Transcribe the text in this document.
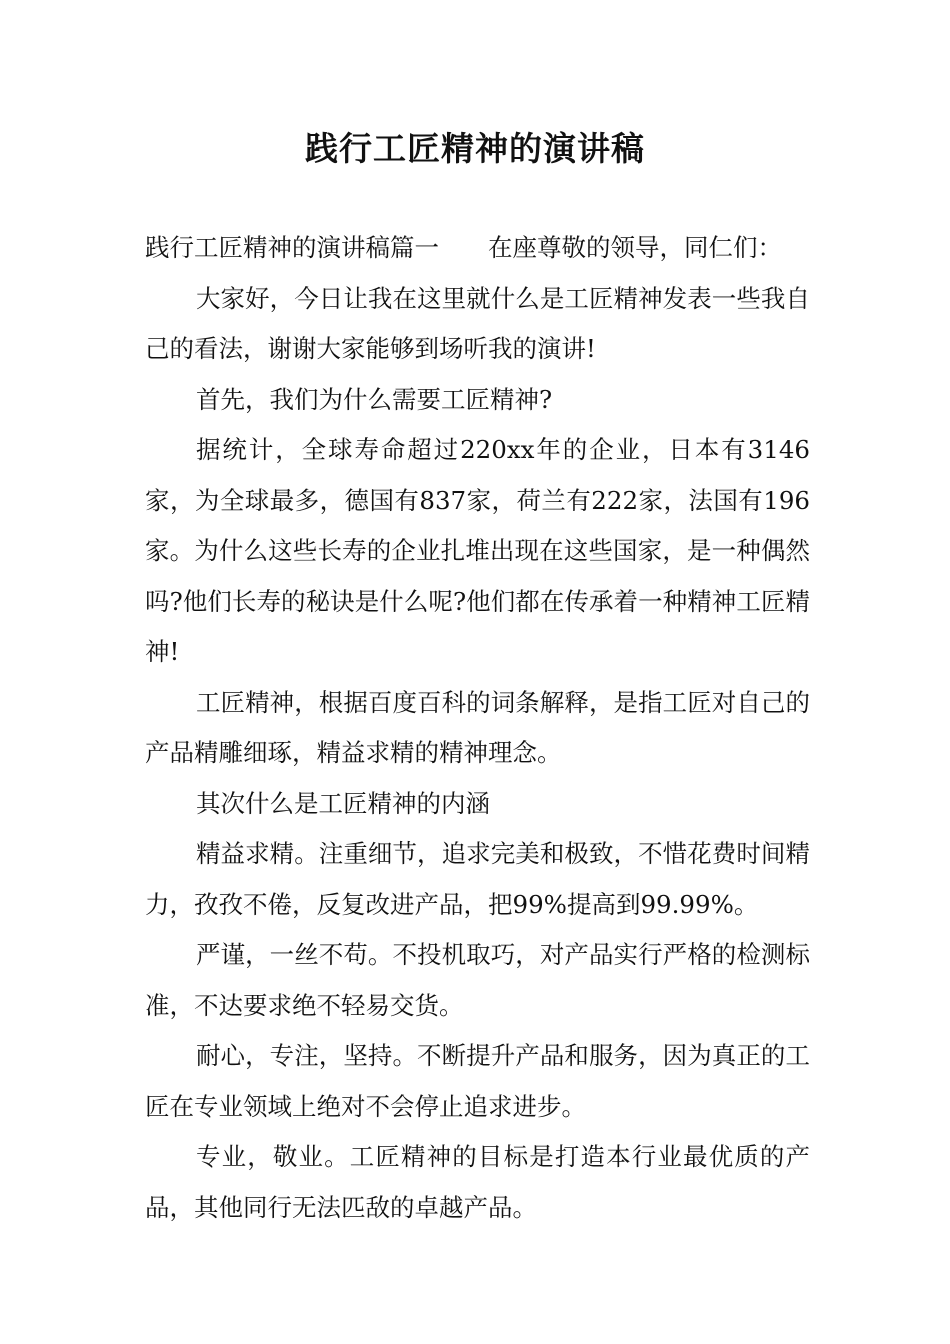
践行工匠精神的演讲稿

践行工匠精神的演讲稿篇一　　在座尊敬的领导，同仁们：

大家好，今日让我在这里就什么是工匠精神发表一些我自己的看法，谢谢大家能够到场听我的演讲!

首先，我们为什么需要工匠精神?

据统计，全球寿命超过220xx年的企业，日本有3146家，为全球最多，德国有837家，荷兰有222家，法国有196家。为什么这些长寿的企业扎堆出现在这些国家，是一种偶然吗?他们长寿的秘诀是什么呢?他们都在传承着一种精神工匠精神!

工匠精神，根据百度百科的词条解释，是指工匠对自己的产品精雕细琢，精益求精的精神理念。

其次什么是工匠精神的内涵

精益求精。注重细节，追求完美和极致，不惜花费时间精力，孜孜不倦，反复改进产品，把99%提高到99.99%。

严谨，一丝不苟。不投机取巧，对产品实行严格的检测标准，不达要求绝不轻易交货。

耐心，专注，坚持。不断提升产品和服务，因为真正的工匠在专业领域上绝对不会停止追求进步。

专业，敬业。工匠精神的目标是打造本行业最优质的产品，其他同行无法匹敌的卓越产品。
